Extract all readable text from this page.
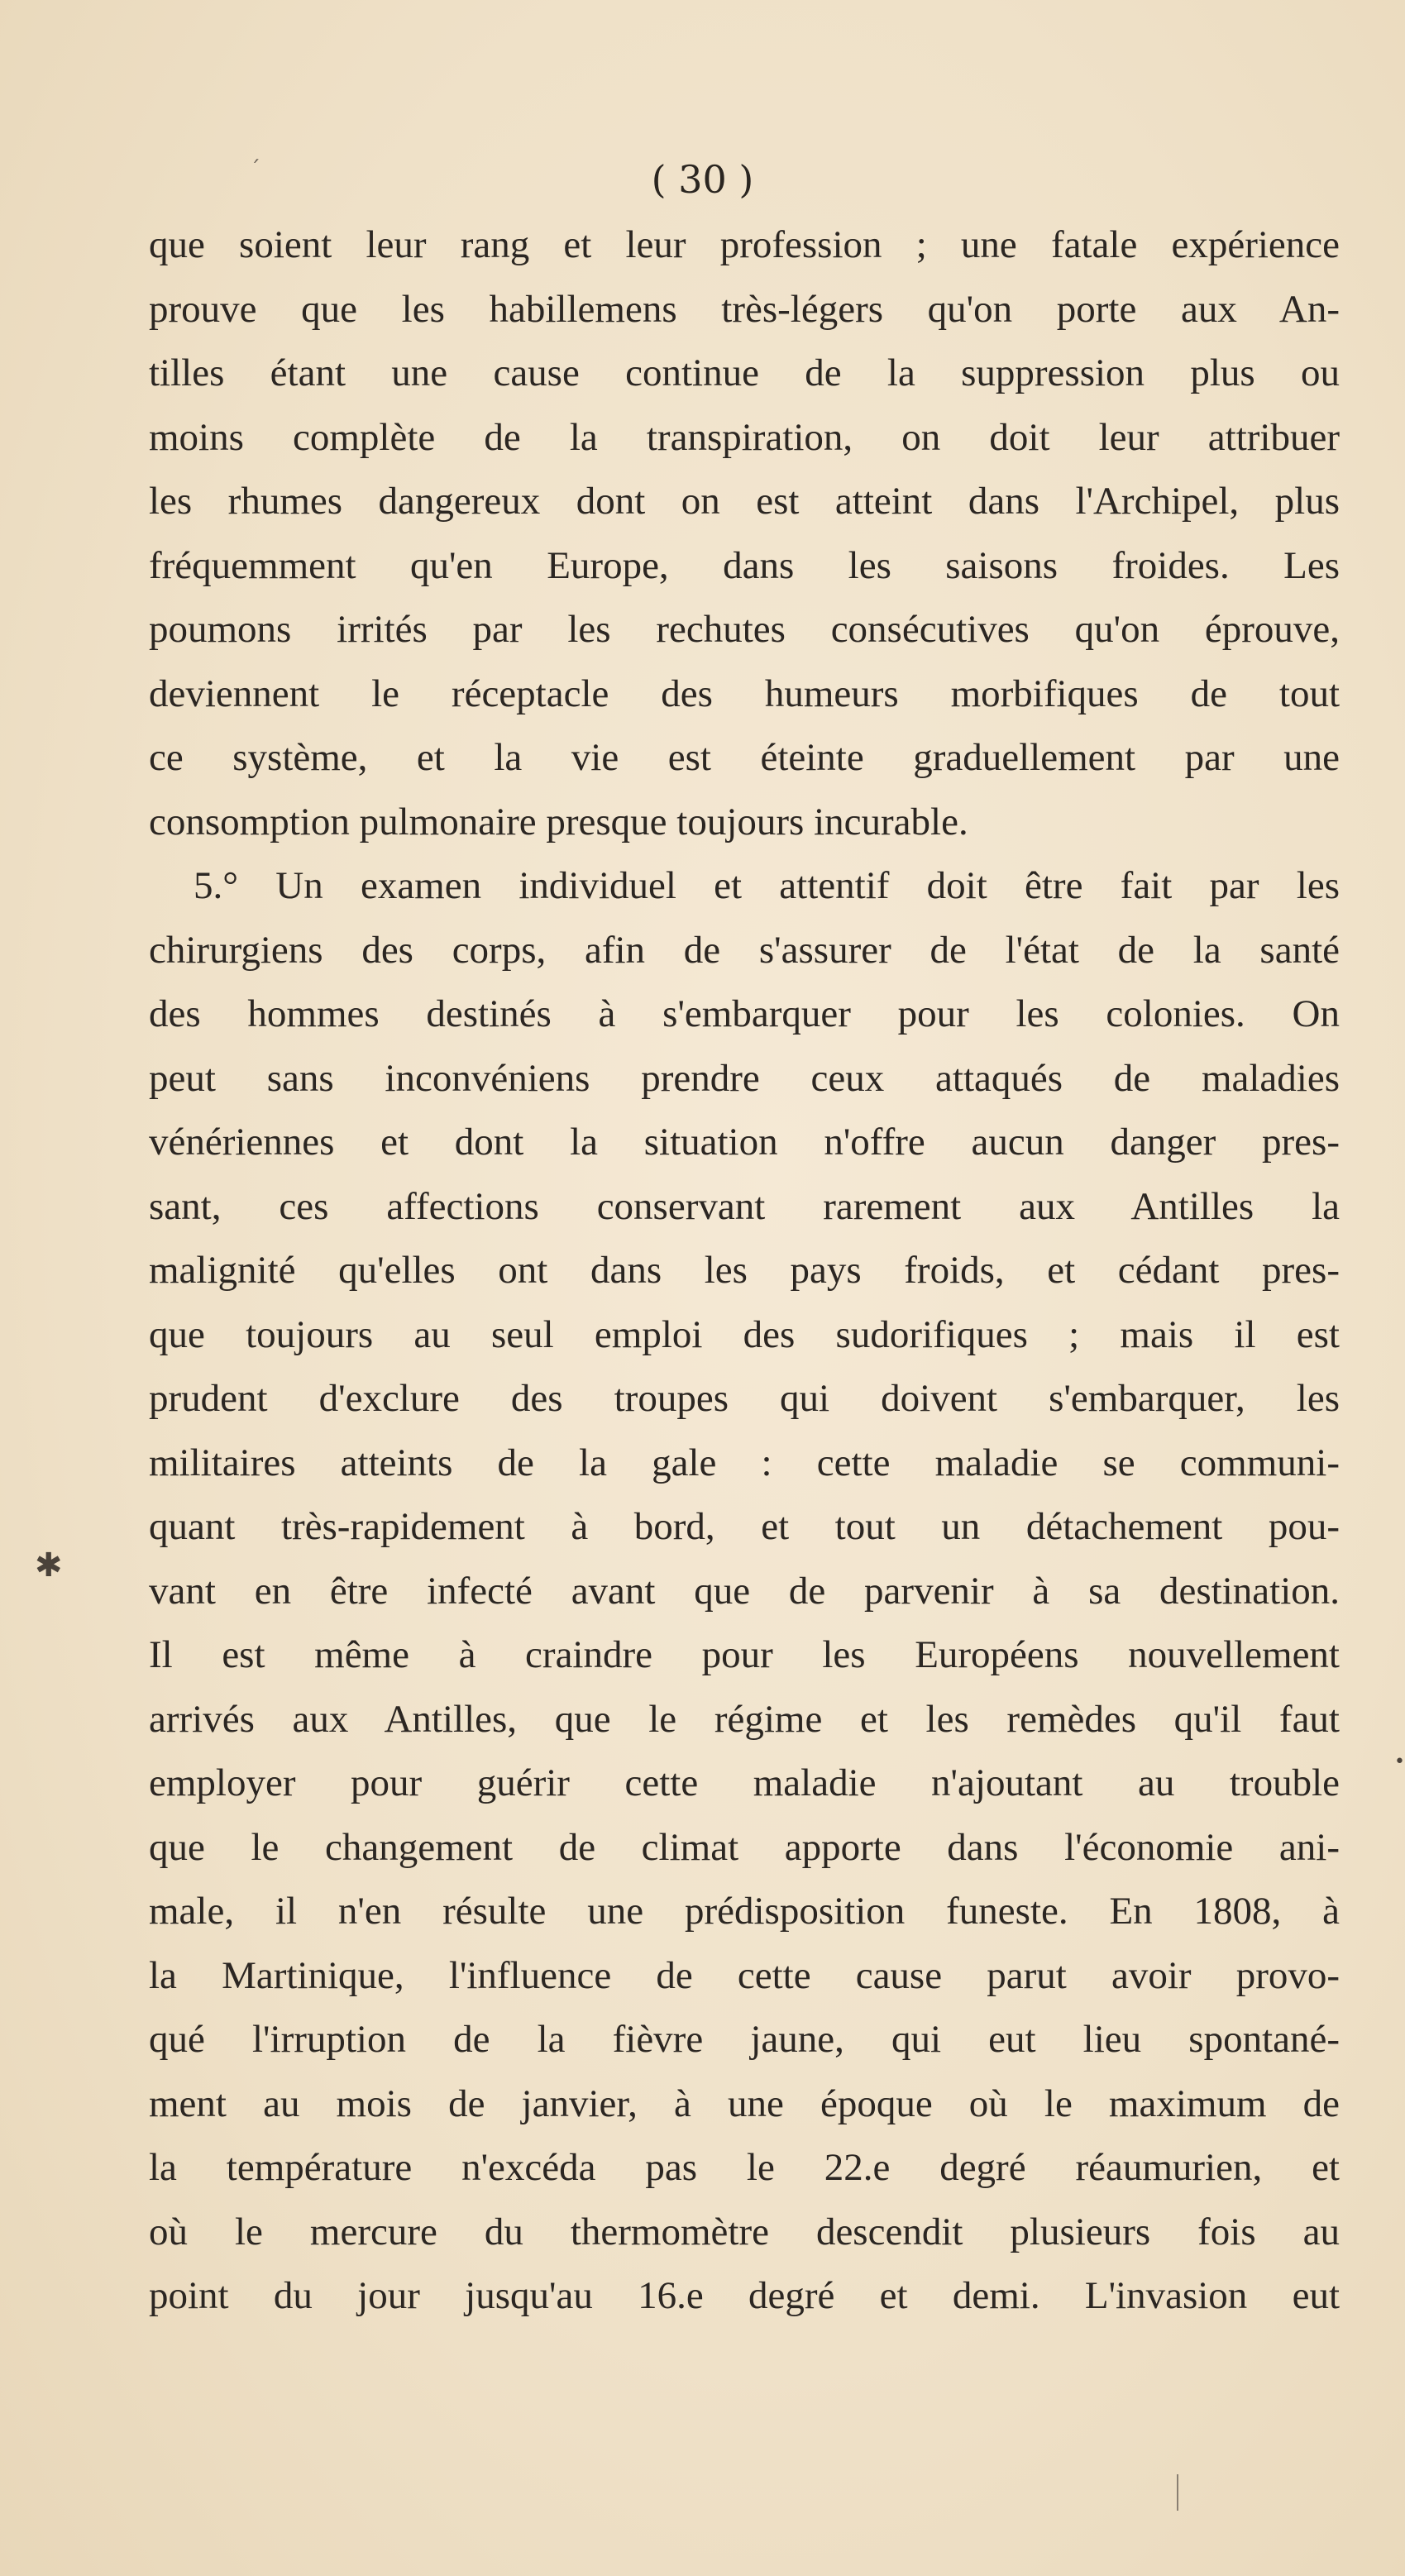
ˊ	( 30 )
que soient leur rang et leur profession ; une fatale expérience
prouve que les habillemens très-légers qu'on porte aux An-
tilles étant une cause continue de la suppression plus ou
moins complète de la transpiration, on doit leur attribuer
les rhumes dangereux dont on est atteint dans l'Archipel, plus
fréquemment qu'en Europe, dans les saisons froides. Les
poumons irrités par les rechutes consécutives qu'on éprouve,
deviennent le réceptacle des humeurs morbifiques de tout
ce système, et la vie est éteinte graduellement par une
consomption pulmonaire presque toujours incurable.
5.° Un examen individuel et attentif doit être fait par les
chirurgiens des corps, afin de s'assurer de l'état de la santé
des hommes destinés à s'embarquer pour les colonies. On
peut sans inconvéniens prendre ceux attaqués de maladies
vénériennes et dont la situation n'offre aucun danger pres-
sant, ces affections conservant rarement aux Antilles la
malignité qu'elles ont dans les pays froids, et cédant pres-
que toujours au seul emploi des sudorifiques ; mais il est
prudent d'exclure des troupes qui doivent s'embarquer, les
militaires atteints de la gale : cette maladie se communi-
quant très-rapidement à bord, et tout un détachement pou-
vant en être infecté avant que de parvenir à sa destination.
Il est même à craindre pour les Européens nouvellement
arrivés aux Antilles, que le régime et les remèdes qu'il faut
employer pour guérir cette maladie n'ajoutant au trouble
que le changement de climat apporte dans l'économie ani-
male, il n'en résulte une prédisposition funeste. En 1808, à
la Martinique, l'influence de cette cause parut avoir provo-
qué l'irruption de la fièvre jaune, qui eut lieu spontané-
ment au mois de janvier, à une époque où le maximum de
la température n'excéda pas le 22.e degré réaumurien, et
où le mercure du thermomètre descendit plusieurs fois au
point du jour jusqu'au 16.e degré et demi. L'invasion eut
✱
•
